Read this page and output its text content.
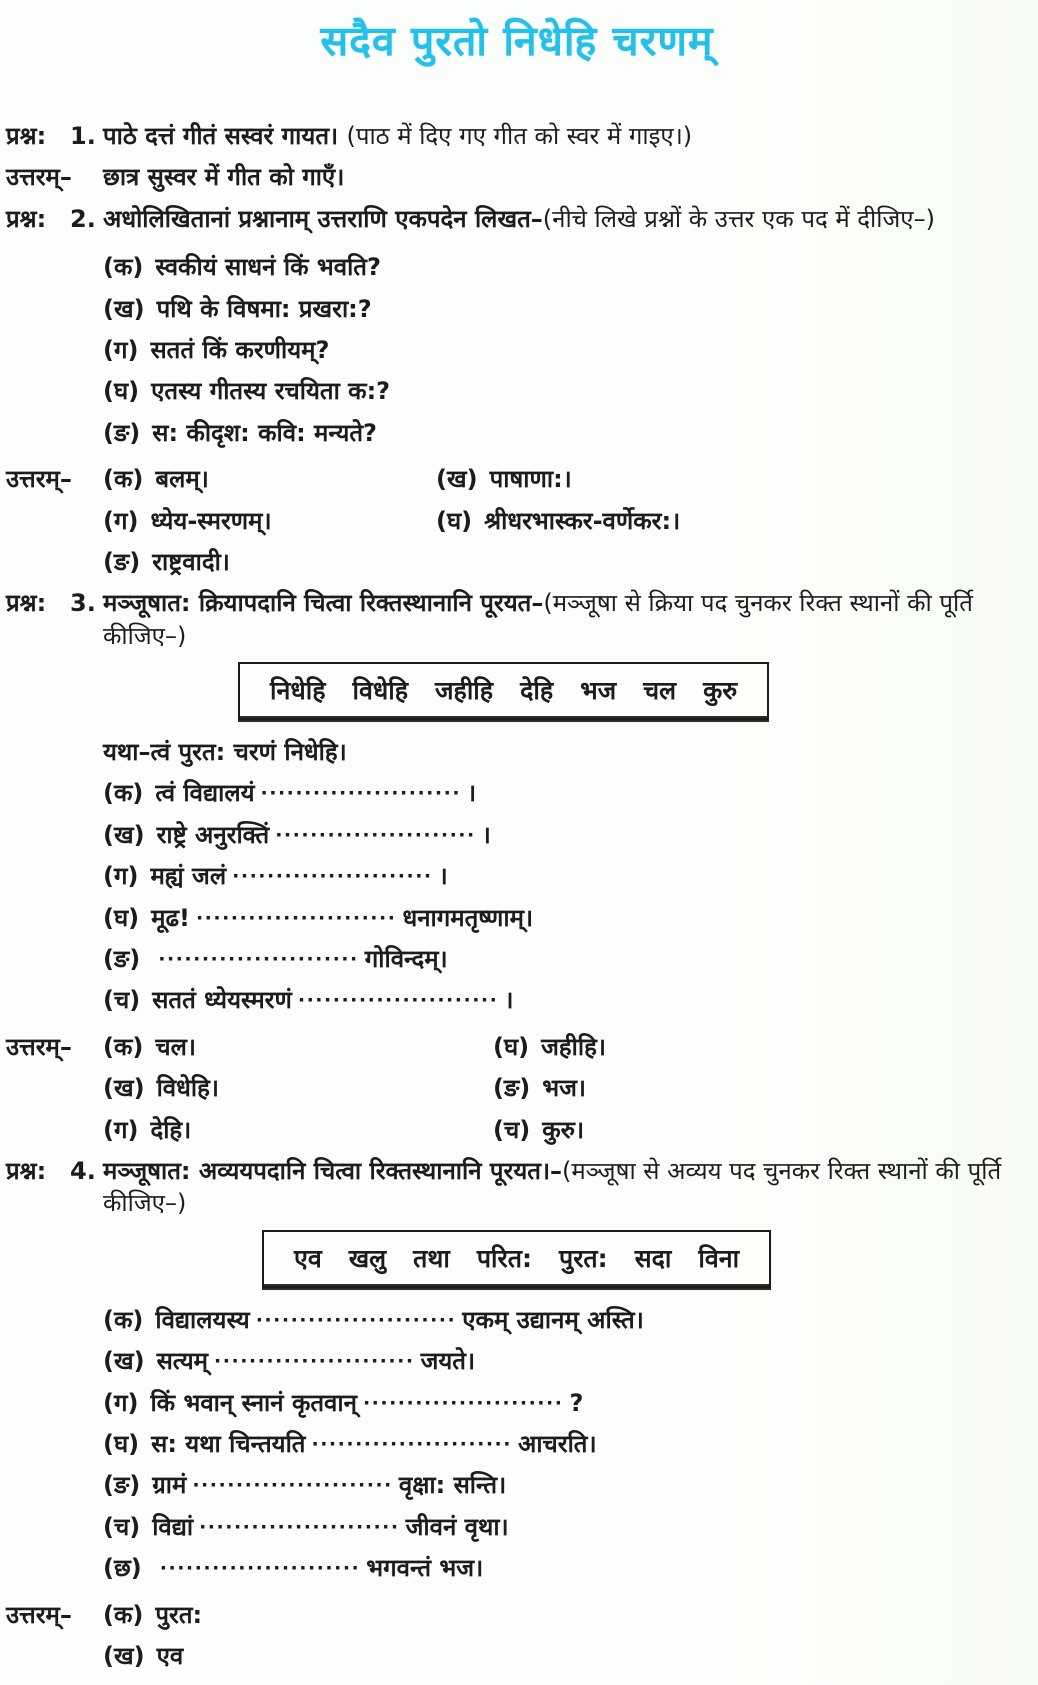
सदैव पुरतो निधेहि चरणम्
प्रश्न: 1. पाठे दत्तं गीतं सस्वरं गायत। (पाठ में दिए गए गीत को स्वर में गाइए।)
उत्तरम्–	छात्र सुस्वर में गीत को गाएँ।
प्रश्न: 2. अधोलिखितानां प्रश्नानाम् उत्तराणि एकपदेन लिखत–(नीचे लिखे प्रश्नों के उत्तर एक पद में दीजिए–)
(क) स्वकीयं साधनं किं भवति?
(ख) पथि के विषमा: प्रखरा:?
(ग) सततं किं करणीयम्?
(घ) एतस्य गीतस्य रचयिता क:?
(ङ) स: कीदृश: कवि: मन्यते?
उत्तरम्–	(क) बलम्।	(ख) पाषाणा:।
(ग) ध्येय-स्मरणम्।	(घ) श्रीधरभास्कर-वर्णेकर:।
(ङ) राष्ट्रवादी।
प्रश्न: 3. मञ्जूषात: क्रियापदानि चित्वा रिक्तस्थानानि पूरयत–(मञ्जूषा से क्रिया पद चुनकर रिक्त स्थानों की पूर्ति कीजिए–)
निधेहि विधेहि जहीहि देहि भज चल कुरु
यथा–त्वं पुरत: चरणं निधेहि।
(क) त्वं विद्यालयं ······················· ।
(ख) राष्ट्रे अनुरक्तिं ······················· ।
(ग) मह्यं जलं ······················· ।
(घ) मूढ! ······················· धनागमतृष्णाम्।
(ङ) ······················· गोविन्दम्।
(च) सततं ध्येयस्मरणं ······················· ।
उत्तरम्–	(क) चल।	(घ) जहीहि।
(ख) विधेहि।	(ङ) भज।
(ग) देहि।	(च) कुरु।
प्रश्न: 4. मञ्जूषात: अव्ययपदानि चित्वा रिक्तस्थानानि पूरयत।–(मञ्जूषा से अव्यय पद चुनकर रिक्त स्थानों की पूर्ति कीजिए–)
एव खलु तथा परित: पुरत: सदा विना
(क) विद्यालयस्य ······················· एकम् उद्यानम् अस्ति।
(ख) सत्यम् ······················· जयते।
(ग) किं भवान् स्नानं कृतवान् ······················· ?
(घ) स: यथा चिन्तयति ······················· आचरति।
(ङ) ग्रामं ······················· वृक्षा: सन्ति।
(च) विद्यां ······················· जीवनं वृथा।
(छ) ······················· भगवन्तं भज।
उत्तरम्–	(क) पुरत:
(ख) एव
